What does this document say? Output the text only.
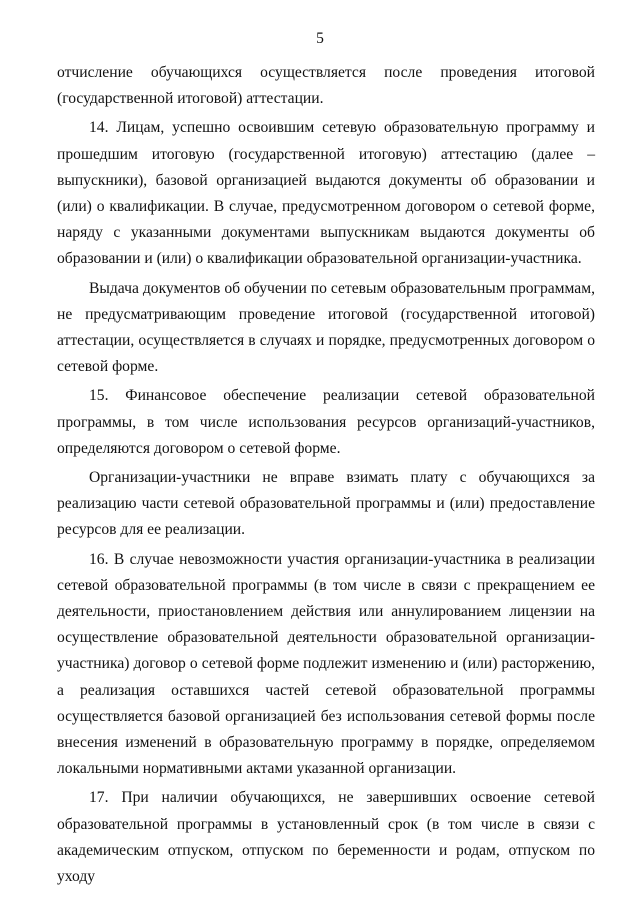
5

отчисление обучающихся осуществляется после проведения итоговой (государственной итоговой) аттестации.

14. Лицам, успешно освоившим сетевую образовательную программу и прошедшим итоговую (государственной итоговую) аттестацию (далее – выпускники), базовой организацией выдаются документы об образовании и (или) о квалификации. В случае, предусмотренном договором о сетевой форме, наряду с указанными документами выпускникам выдаются документы об образовании и (или) о квалификации образовательной организации-участника.

Выдача документов об обучении по сетевым образовательным программам, не предусматривающим проведение итоговой (государственной итоговой) аттестации, осуществляется в случаях и порядке, предусмотренных договором о сетевой форме.

15. Финансовое обеспечение реализации сетевой образовательной программы, в том числе использования ресурсов организаций-участников, определяются договором о сетевой форме.

Организации-участники не вправе взимать плату с обучающихся за реализацию части сетевой образовательной программы и (или) предоставление ресурсов для ее реализации.

16. В случае невозможности участия организации-участника в реализации сетевой образовательной программы (в том числе в связи с прекращением ее деятельности, приостановлением действия или аннулированием лицензии на осуществление образовательной деятельности образовательной организации-участника) договор о сетевой форме подлежит изменению и (или) расторжению, а реализация оставшихся частей сетевой образовательной программы осуществляется базовой организацией без использования сетевой формы после внесения изменений в образовательную программу в порядке, определяемом локальными нормативными актами указанной организации.

17. При наличии обучающихся, не завершивших освоение сетевой образовательной программы в установленный срок (в том числе в связи с академическим отпуском, отпуском по беременности и родам, отпуском по уходу
